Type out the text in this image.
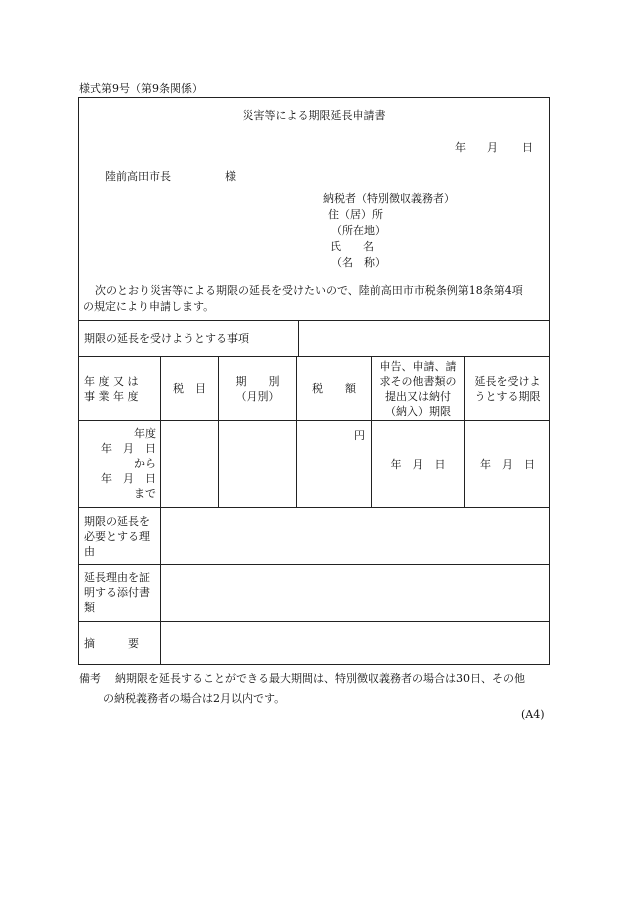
様式第9号（第9条関係）
災害等による期限延長申請書
年 月 日
陸前高田市長	様
納税者（特別徴収義務者）
住（居）所
（所在地）
氏　　名
（名　称）
次のとおり災害等による期限の延長を受けたいので、陸前高田市市税条例第18条第4項
の規定により申請します。
期限の延長を受けようとする事項
年 度 又 は
事 業 年 度
税　目
期　　別
（月別）
税　　額
申告、申請、請
求その他書類の
提出又は納付
（納入）期限
延長を受けよ
うとする期限
年度
年　月　日
から
年　月　日
まで
円
年　月　日	年　月　日
期限の延長を
必要とする理
由
延長理由を証
明する添付書
類
摘　　　要
備考 納期限を延長することができる最大期間は、特別徴収義務者の場合は30日、その他
の納税義務者の場合は2月以内です。
(A4)
